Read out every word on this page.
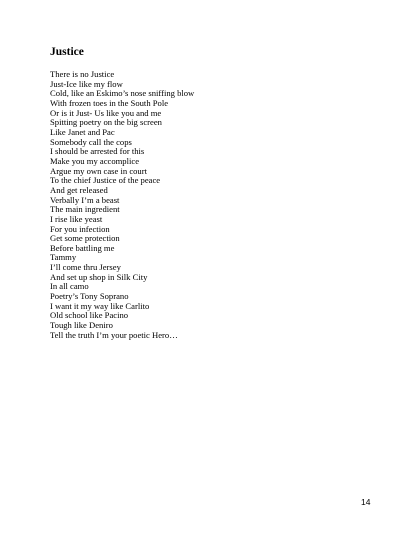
Justice
There is no Justice
Just-Ice like my flow
Cold, like an Eskimo’s nose sniffing blow
With frozen toes in the South Pole
Or is it Just- Us like you and me
Spitting poetry on the big screen
Like Janet and Pac
Somebody call the cops
I should be arrested for this
Make you my accomplice
Argue my own case in court
To the chief Justice of the peace
And get released
Verbally I’m a beast
The main ingredient
I rise like yeast
For you infection
Get some protection
Before battling me
Tammy
I’ll come thru Jersey
And set up shop in Silk City
In all camo
Poetry’s Tony Soprano
I want it my way like Carlito
Old school like Pacino
Tough like Deniro
Tell the truth I’m your poetic Hero…
14
